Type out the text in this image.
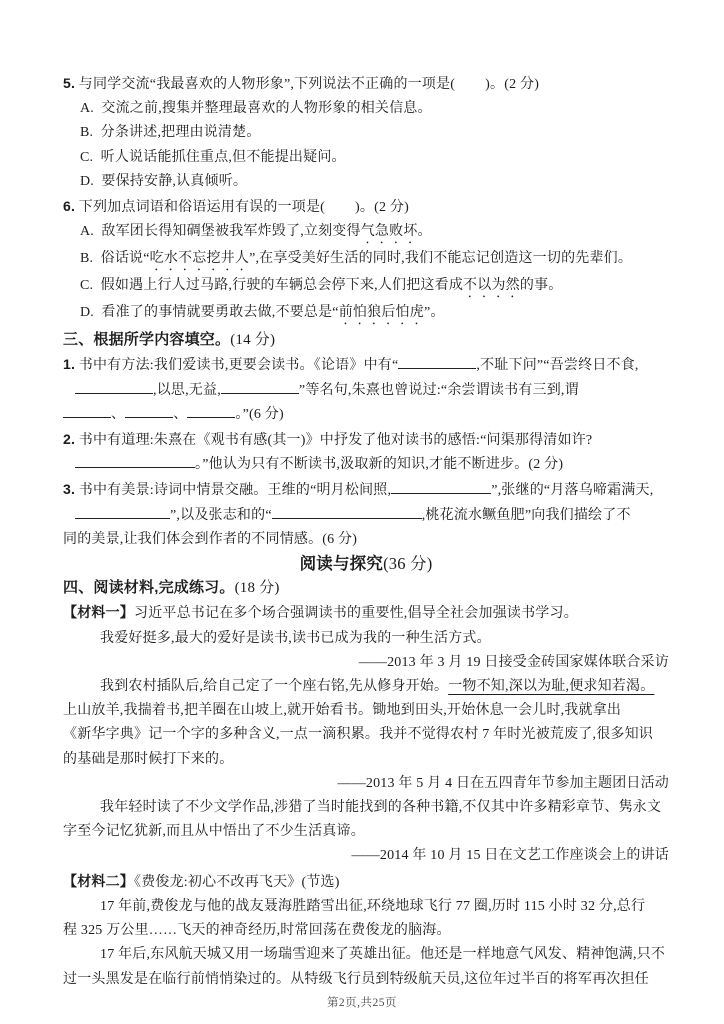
5. 与同学交流“我最喜欢的人物形象”,下列说法不正确的一项是( )。(2 分)
A.  交流之前,搜集并整理最喜欢的人物形象的相关信息。
B.  分条讲述,把理由说清楚。
C.  听人说话能抓住重点,但不能提出疑问。
D.  要保持安静,认真倾听。
6. 下列加点词语和俗语运用有误的一项是( )。(2 分)
A.  敌军团长得知碉堡被我军炸毁了,立刻变得气急败坏。
B.  俗话说“吃水不忘挖井人”,在享受美好生活的同时,我们不能忘记创造这一切的先辈们。
C.  假如遇上行人过马路,行驶的车辆总会停下来,人们把这看成不以为然的事。
D.  看准了的事情就要勇敢去做,不要总是“前怕狼后怕虎”。
三、根据所学内容填空。(14 分)
1. 书中有方法:我们爱读书,更要会读书。《论语》中有“	,不耻下问”“吾尝终日不食,
,以思,无益,	”等名句,朱熹也曾说过:“余尝谓读书有三到,谓
、	、	。”(6 分)
2. 书中有道理:朱熹在《观书有感(其一)》中抒发了他对读书的感悟:“问渠那得清如许?
。”他认为只有不断读书,汲取新的知识,才能不断进步。(2 分)
3. 书中有美景:诗词中情景交融。王维的“明月松间照,	”,张继的“月落乌啼霜满天,
”,以及张志和的“	,桃花流水鳜鱼肥”向我们描绘了不
同的美景,让我们体会到作者的不同情感。(6 分)
阅读与探究(36 分)
四、阅读材料,完成练习。(18 分)
【材料一】习近平总书记在多个场合强调读书的重要性,倡导全社会加强读书学习。
我爱好挺多,最大的爱好是读书,读书已成为我的一种生活方式。
——2013 年 3 月 19 日接受金砖国家媒体联合采访
我到农村插队后,给自己定了一个座右铭,先从修身开始。一物不知,深以为耻,便求知若渴。
上山放羊,我揣着书,把羊圈在山坡上,就开始看书。锄地到田头,开始休息一会儿时,我就拿出
《新华字典》记一个字的多种含义,一点一滴积累。我并不觉得农村 7 年时光被荒废了,很多知识
的基础是那时候打下来的。
——2013 年 5 月 4 日在五四青年节参加主题团日活动
我年轻时读了不少文学作品,涉猎了当时能找到的各种书籍,不仅其中许多精彩章节、隽永文
字至今记忆犹新,而且从中悟出了不少生活真谛。
——2014 年 10 月 15 日在文艺工作座谈会上的讲话
【材料二】《费俊龙:初心不改再飞天》(节选)
17 年前,费俊龙与他的战友聂海胜踏雪出征,环绕地球飞行 77 圈,历时 115 小时 32 分,总行
程 325 万公里……飞天的神奇经历,时常回荡在费俊龙的脑海。
17 年后,东风航天城又用一场瑞雪迎来了英雄出征。他还是一样地意气风发、精神饱满,只不
过一头黑发是在临行前悄悄染过的。从特级飞行员到特级航天员,这位年过半百的将军再次担任
第2页,共25页
